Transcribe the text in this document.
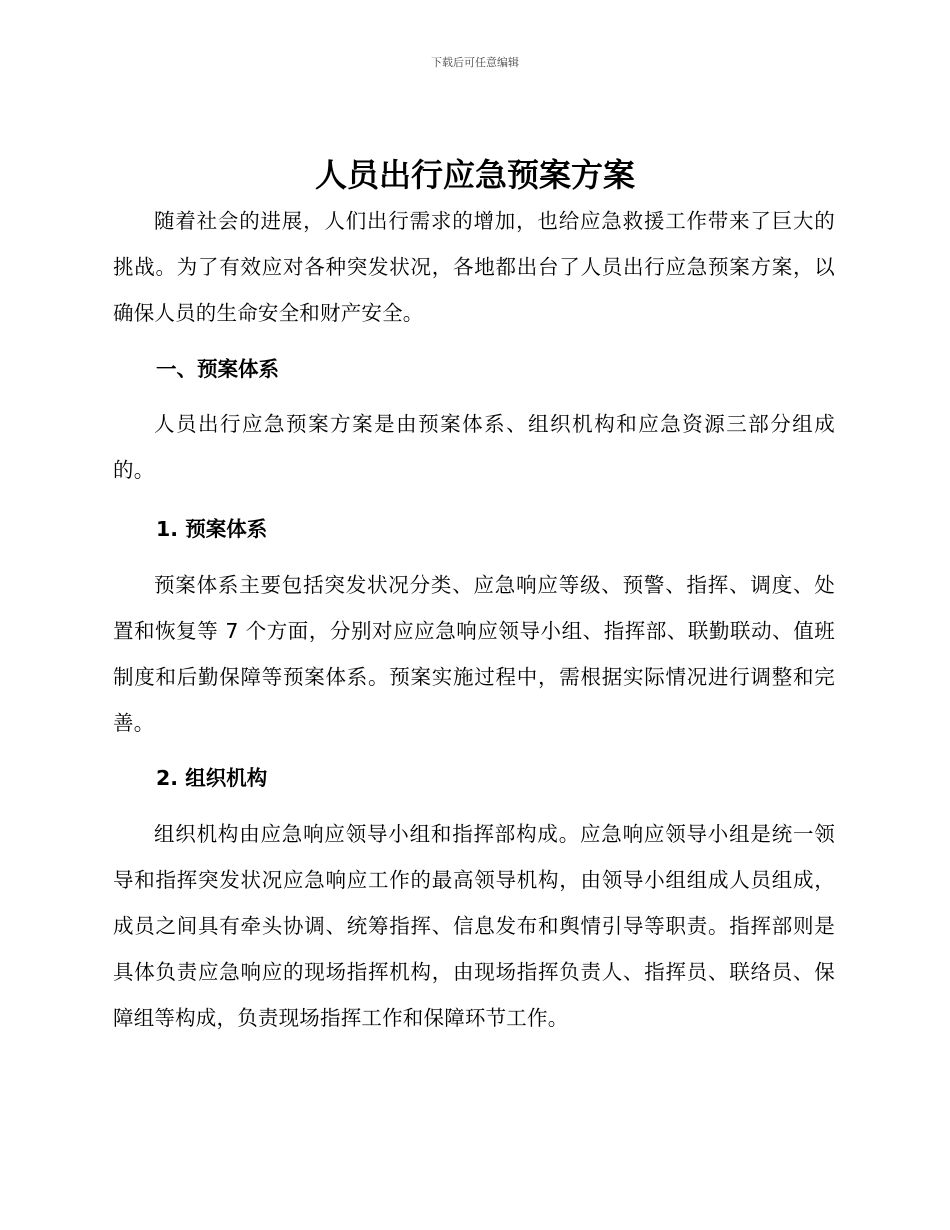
下载后可任意编辑
人员出行应急预案方案

随着社会的进展，人们出行需求的增加，也给应急救援工作带来了巨大的挑战。为了有效应对各种突发状况，各地都出台了人员出行应急预案方案，以确保人员的生命安全和财产安全。

一、预案体系

人员出行应急预案方案是由预案体系、组织机构和应急资源三部分组成的。

1. 预案体系

预案体系主要包括突发状况分类、应急响应等级、预警、指挥、调度、处置和恢复等 7 个方面，分别对应应急响应领导小组、指挥部、联勤联动、值班制度和后勤保障等预案体系。预案实施过程中，需根据实际情况进行调整和完善。

2. 组织机构

组织机构由应急响应领导小组和指挥部构成。应急响应领导小组是统一领导和指挥突发状况应急响应工作的最高领导机构，由领导小组组成人员组成，成员之间具有牵头协调、统筹指挥、信息发布和舆情引导等职责。指挥部则是具体负责应急响应的现场指挥机构，由现场指挥负责人、指挥员、联络员、保障组等构成，负责现场指挥工作和保障环节工作。
